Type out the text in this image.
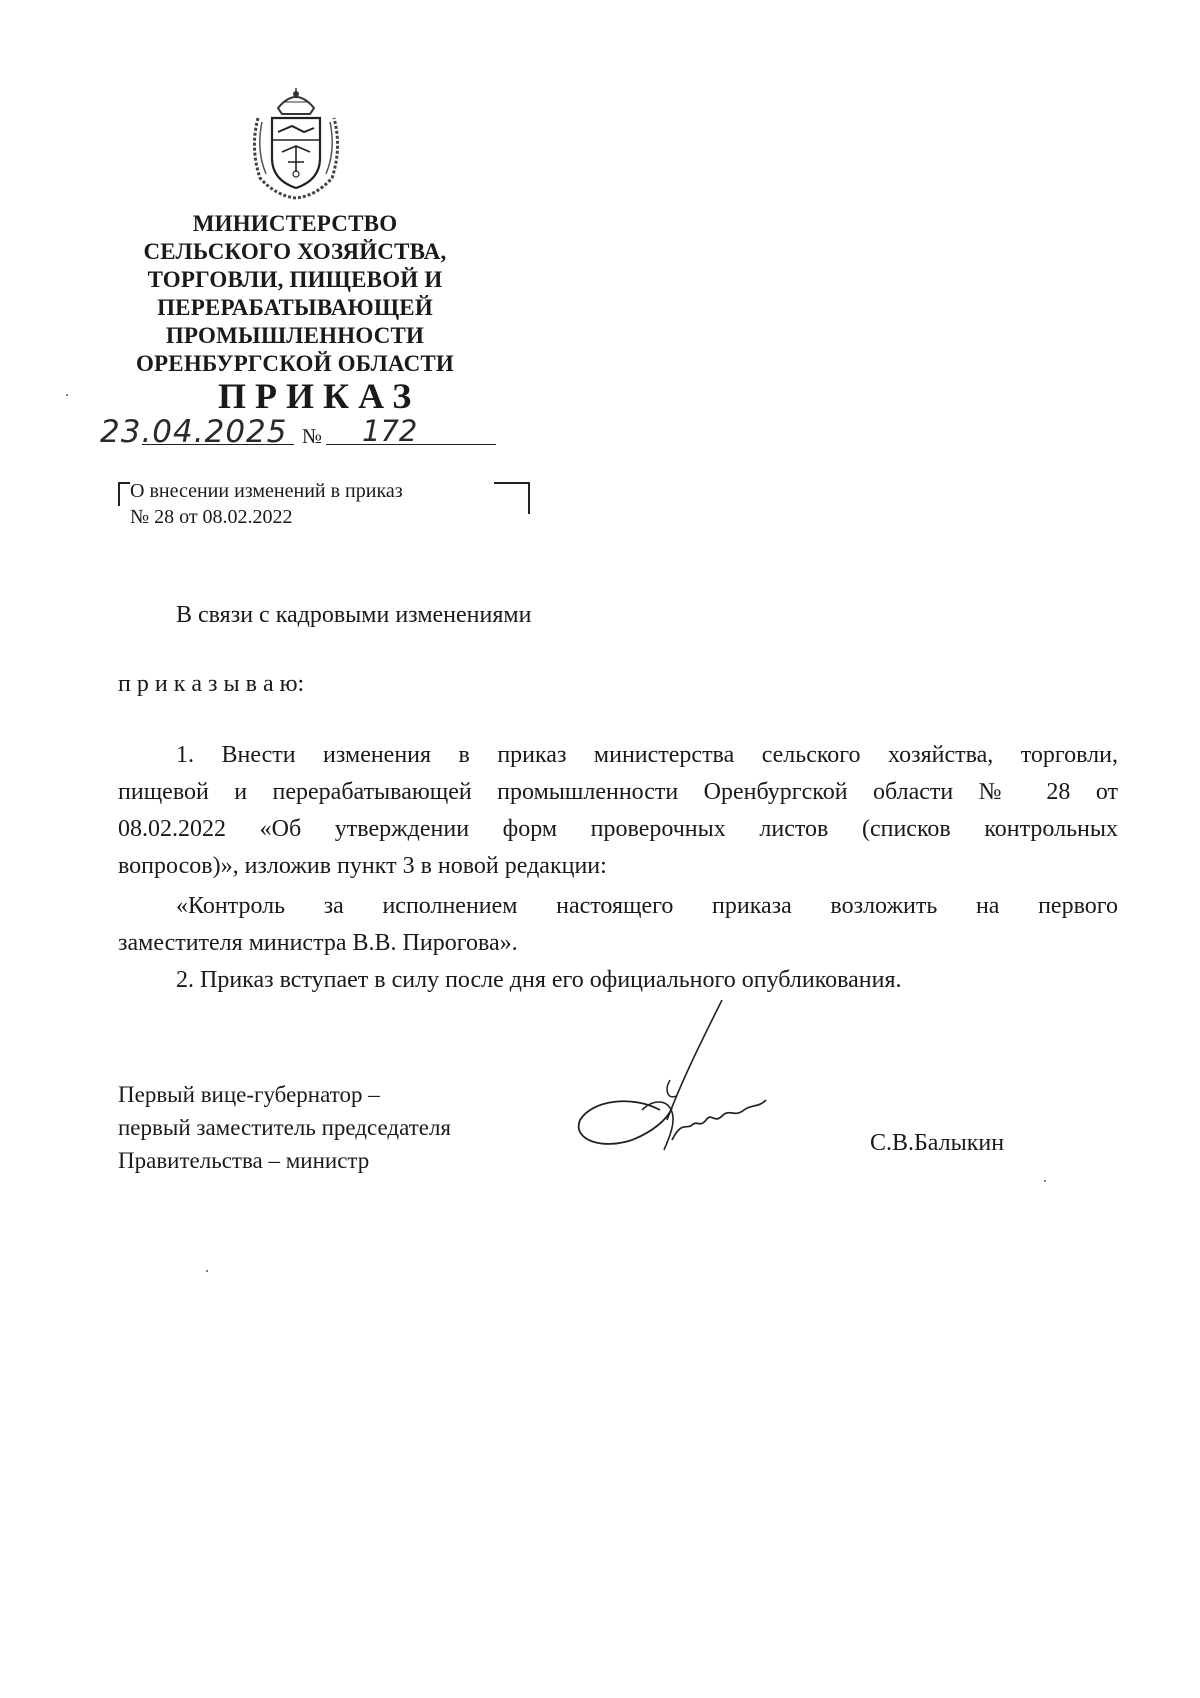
МИНИСТЕРСТВО
СЕЛЬСКОГО ХОЗЯЙСТВА,
ТОРГОВЛИ, ПИЩЕВОЙ И
ПЕРЕРАБАТЫВАЮЩЕЙ
ПРОМЫШЛЕННОСТИ
ОРЕНБУРГСКОЙ ОБЛАСТИ
ПРИКАЗ
23.04.2025 № 172
О внесении изменений в приказ
№ 28 от 08.02.2022
В связи с кадровыми изменениями
п р и к а з ы в а ю:
1. Внести изменения в приказ министерства сельского хозяйства, торговли,
пищевой и перерабатывающей промышленности Оренбургской области № 28 от
08.02.2022 «Об утверждении форм проверочных листов (списков контрольных
вопросов)», изложив пункт 3 в новой редакции:
«Контроль за исполнением настоящего приказа возложить на первого
заместителя министра В.В. Пирогова».
2. Приказ вступает в силу после дня его официального опубликования.
Первый вице-губернатор –
первый заместитель председателя
Правительства – министр
С.В.Балыкин
